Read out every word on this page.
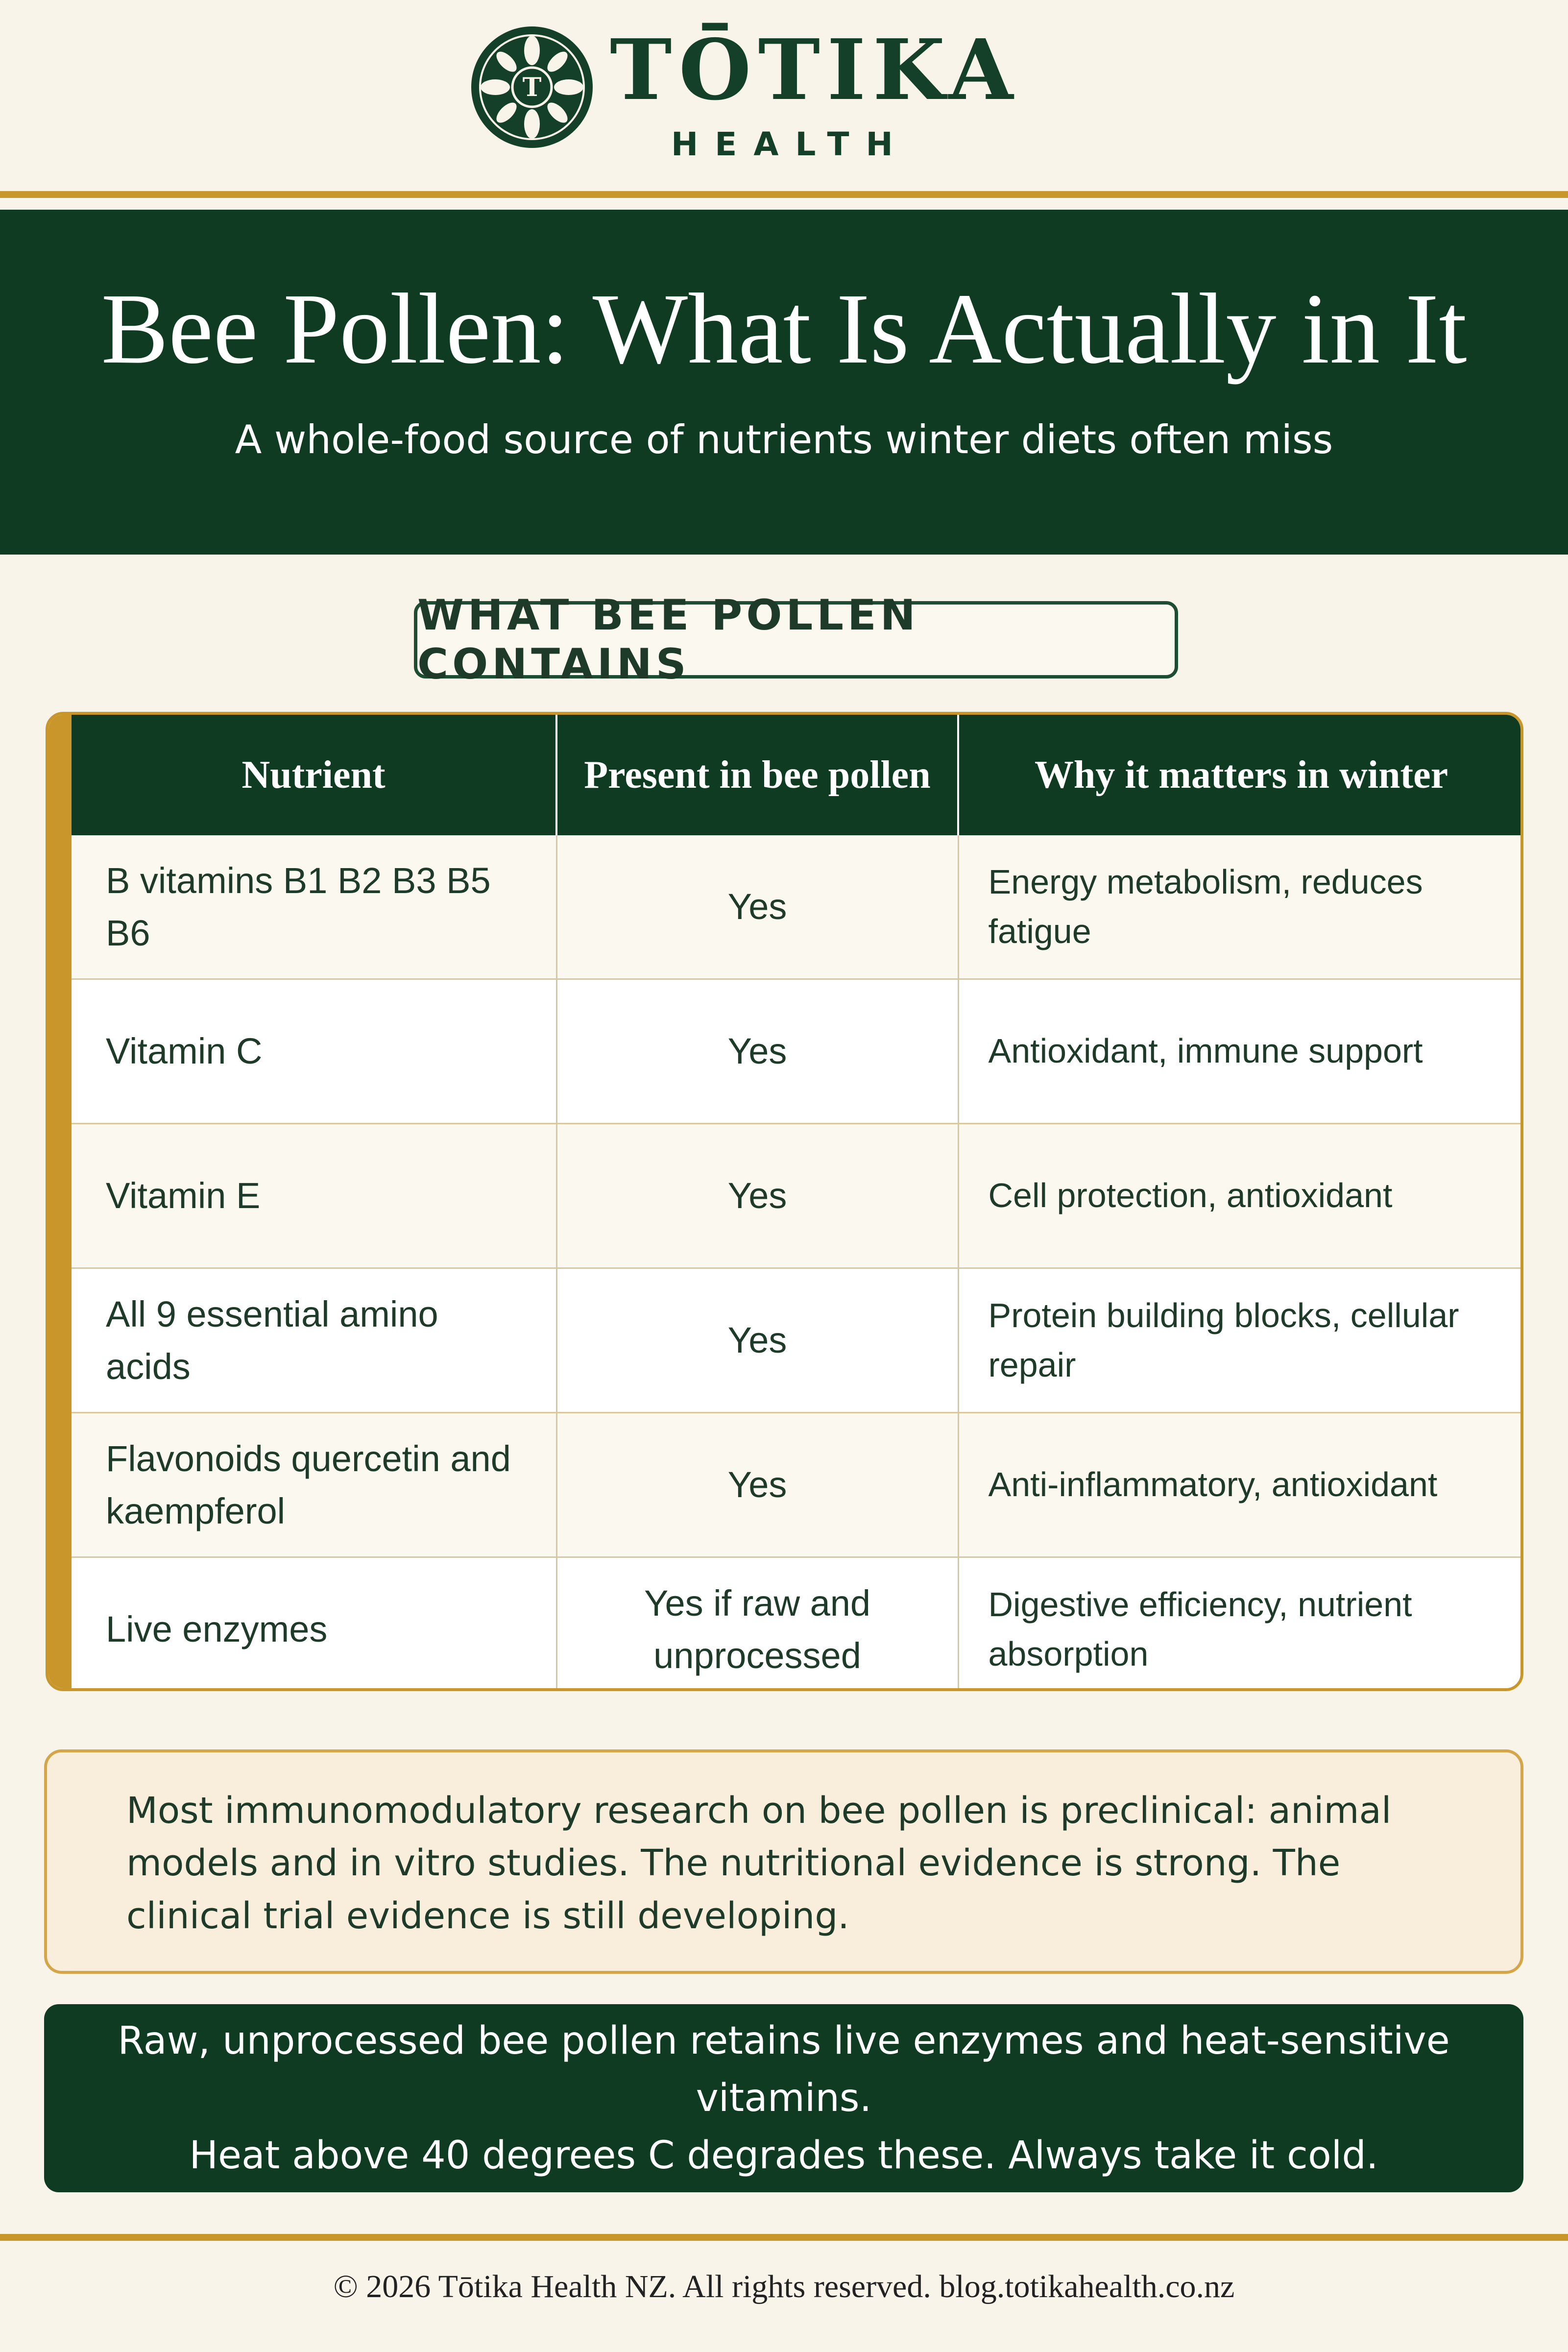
T TŌTIKA
HEALTH
Bee Pollen: What Is Actually in It
A whole-food source of nutrients winter diets often miss
WHAT BEE POLLEN CONTAINS
Nutrient	Present in bee pollen	Why it matters in winter
B vitamins B1 B2 B3 B5 B6	Yes	Energy metabolism, reduces fatigue
Vitamin C	Yes	Antioxidant, immune support
Vitamin E	Yes	Cell protection, antioxidant
All 9 essential amino acids	Yes	Protein building blocks, cellular repair
Flavonoids quercetin and kaempferol	Yes	Anti-inflammatory, antioxidant
Live enzymes	Yes if raw and unprocessed	Digestive efficiency, nutrient absorption
Most immunomodulatory research on bee pollen is preclinical: animal models and in vitro studies. The nutritional evidence is strong. The clinical trial evidence is still developing.
Raw, unprocessed bee pollen retains live enzymes and heat-sensitive vitamins.
Heat above 40 degrees C degrades these. Always take it cold.
© 2026 Tōtika Health NZ. All rights reserved. blog.totikahealth.co.nz
